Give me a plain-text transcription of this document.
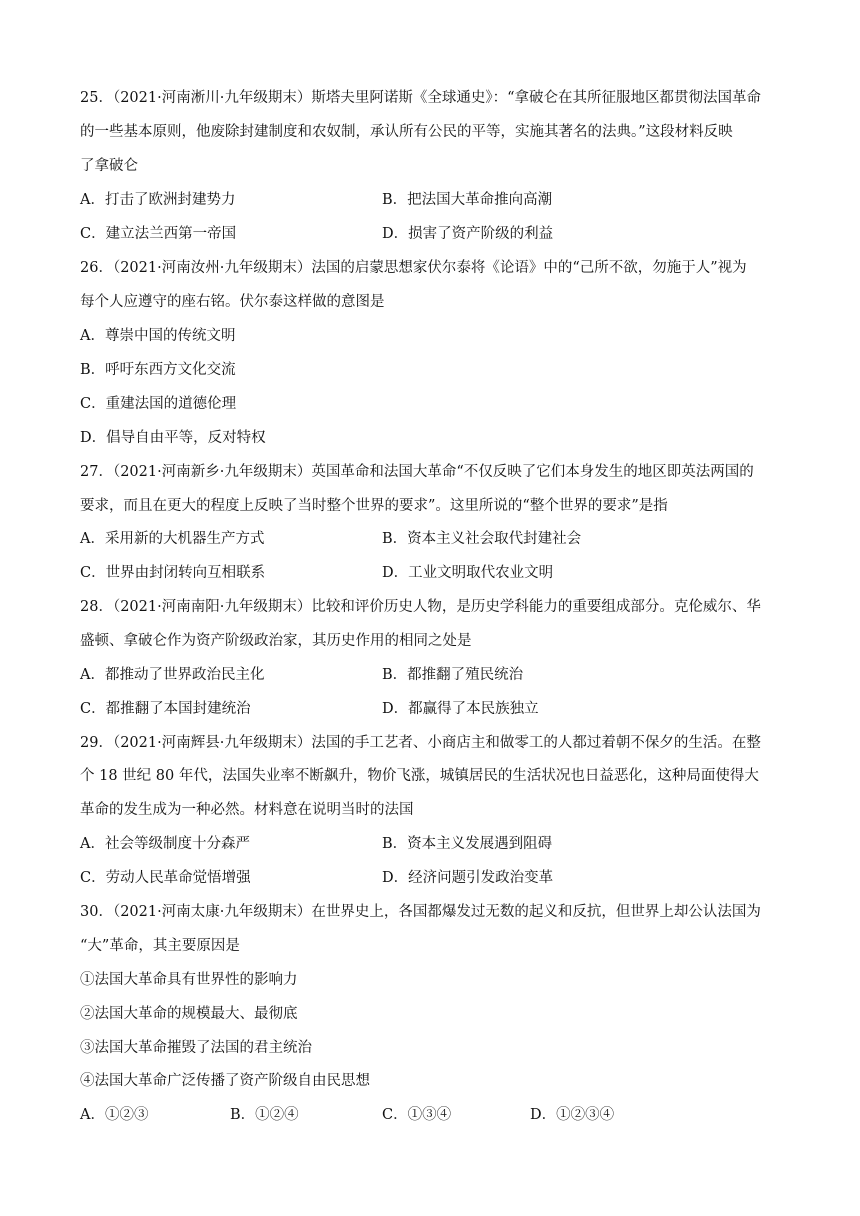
25．（2021·河南淅川·九年级期末）斯塔夫里阿诺斯《全球通史》：“拿破仑在其所征服地区都贯彻法国革命
的一些基本原则，他废除封建制度和农奴制，承认所有公民的平等，实施其著名的法典。”这段材料反映
了拿破仑
A．打击了欧洲封建势力	B．把法国大革命推向高潮
C．建立法兰西第一帝国	D．损害了资产阶级的利益
26．（2021·河南汝州·九年级期末）法国的启蒙思想家伏尔泰将《论语》中的“己所不欲，勿施于人”视为
每个人应遵守的座右铭。伏尔泰这样做的意图是
A．尊崇中国的传统文明
B．呼吁东西方文化交流
C．重建法国的道德伦理
D．倡导自由平等，反对特权
27．（2021·河南新乡·九年级期末）英国革命和法国大革命“不仅反映了它们本身发生的地区即英法两国的
要求，而且在更大的程度上反映了当时整个世界的要求”。这里所说的“整个世界的要求”是指
A．采用新的大机器生产方式	B．资本主义社会取代封建社会
C．世界由封闭转向互相联系	D．工业文明取代农业文明
28．（2021·河南南阳·九年级期末）比较和评价历史人物，是历史学科能力的重要组成部分。克伦威尔、华
盛顿、拿破仑作为资产阶级政治家，其历史作用的相同之处是
A．都推动了世界政治民主化	B．都推翻了殖民统治
C．都推翻了本国封建统治	D．都赢得了本民族独立
29．（2021·河南辉县·九年级期末）法国的手工艺者、小商店主和做零工的人都过着朝不保夕的生活。在整
个 18 世纪 80 年代，法国失业率不断飙升，物价飞涨，城镇居民的生活状况也日益恶化，这种局面使得大
革命的发生成为一种必然。材料意在说明当时的法国
A．社会等级制度十分森严	B．资本主义发展遇到阻碍
C．劳动人民革命觉悟增强	D．经济问题引发政治变革
30．（2021·河南太康·九年级期末）在世界史上，各国都爆发过无数的起义和反抗，但世界上却公认法国为
“大”革命，其主要原因是
①法国大革命具有世界性的影响力
②法国大革命的规模最大、最彻底
③法国大革命摧毁了法国的君主统治
④法国大革命广泛传播了资产阶级自由民思想
A．①②③	B．①②④	C．①③④	D．①②③④
